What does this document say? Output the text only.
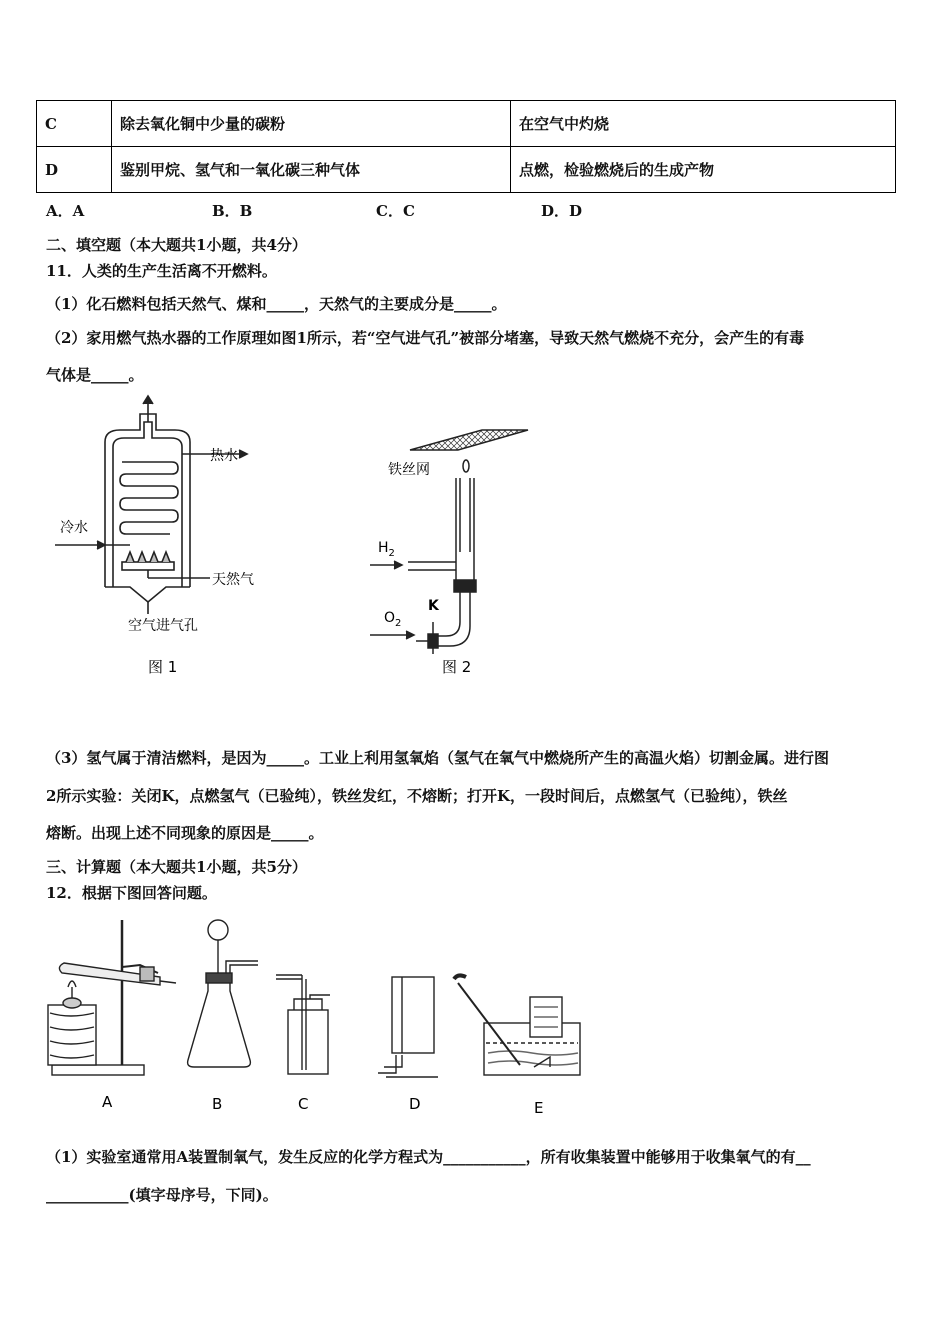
C	除去氧化铜中少量的碳粉	在空气中灼烧
D	鉴别甲烷、氢气和一氧化碳三种气体	点燃，检验燃烧后的生成产物
A．A	B．B	C．C	D．D
二、填空题（本大题共1小题，共4分）
11．人类的生产生活离不开燃料。
（1）化石燃料包括天然气、煤和_____，天然气的主要成分是_____。
（2）家用燃气热水器的工作原理如图1所示，若“空气进气孔”被部分堵塞，导致天然气燃烧不充分，会产生的有毒
气体是_____。
热水
冷水
天然气
空气进气孔
图 1
铁丝网
$H_2$
$O_2$
K
图 2
（3）氢气属于清洁燃料，是因为_____。工业上利用氢氧焰（氢气在氧气中燃烧所产生的高温火焰）切割金属。进行图
2所示实验：关闭K，点燃氢气（已验纯），铁丝发红，不熔断；打开K，一段时间后，点燃氢气（已验纯），铁丝
熔断。出现上述不同现象的原因是_____。
三、计算题（本大题共1小题，共5分）
12．根据下图回答问题。
A	B	C	D	E
（1）实验室通常用A装置制氧气，发生反应的化学方程式为___________，所有收集装置中能够用于收集氧气的有__
___________(填字母序号，下同)。
